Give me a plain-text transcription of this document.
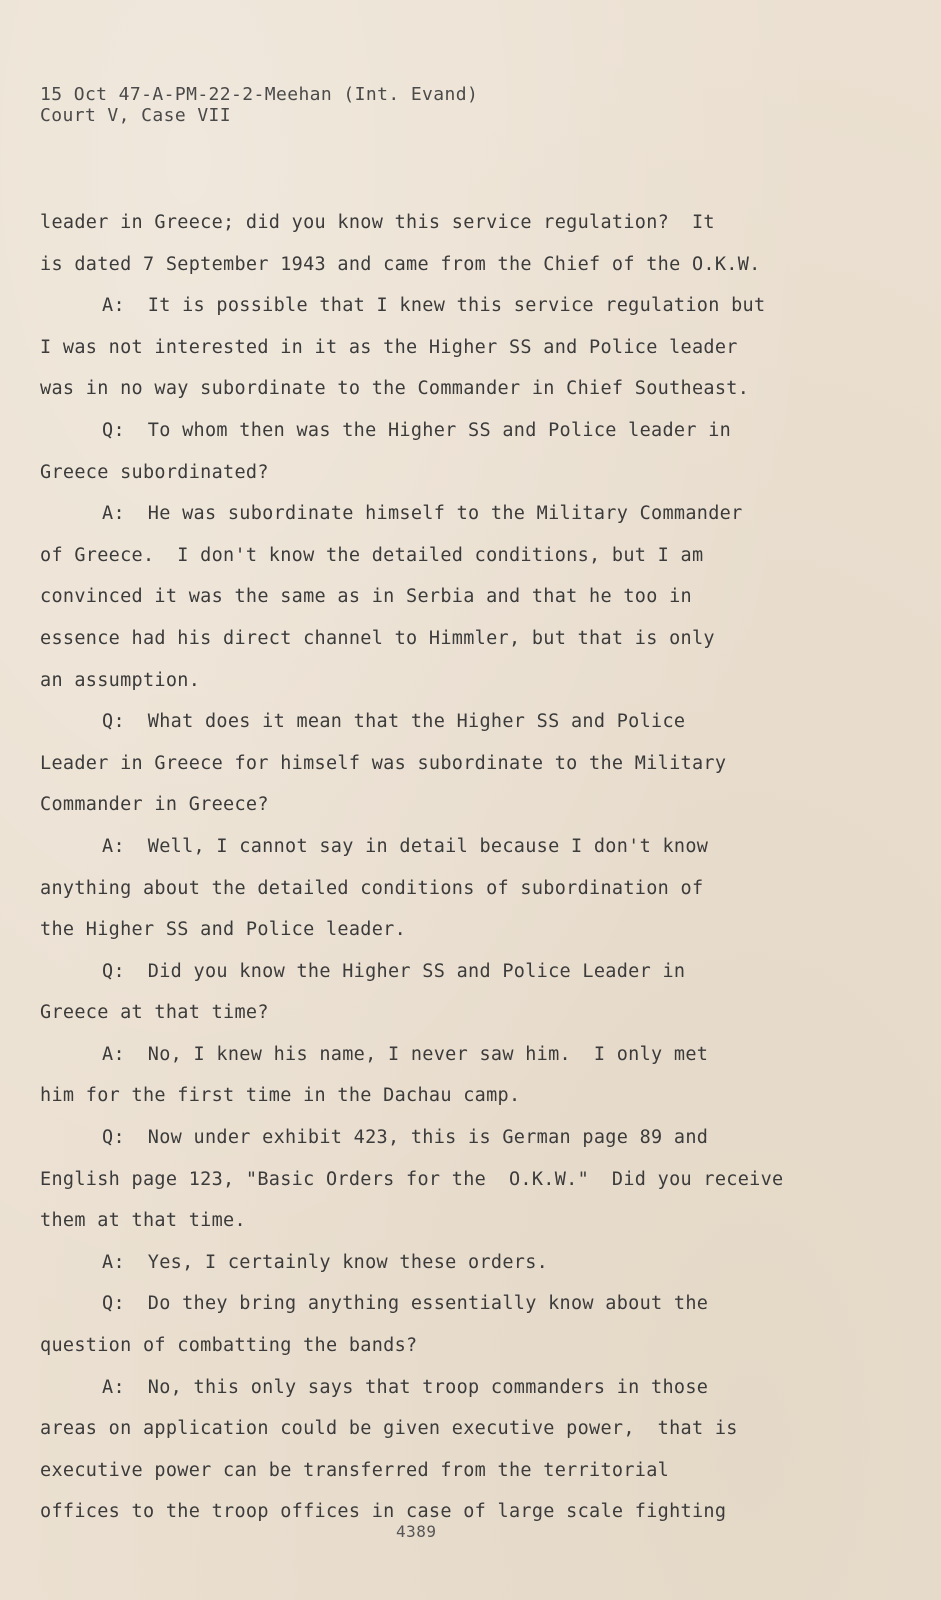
15 Oct 47-A-PM-22-2-Meehan (Int. Evand)
Court V, Case VII
leader in Greece; did you know this service regulation?  It
is dated 7 September 1943 and came from the Chief of the O.K.W.
A:  It is possible that I knew this service regulation but
I was not interested in it as the Higher SS and Police leader
was in no way subordinate to the Commander in Chief Southeast.
Q:  To whom then was the Higher SS and Police leader in
Greece subordinated?
A:  He was subordinate himself to the Military Commander
of Greece.  I don't know the detailed conditions, but I am
convinced it was the same as in Serbia and that he too in
essence had his direct channel to Himmler, but that is only
an assumption.
Q:  What does it mean that the Higher SS and Police
Leader in Greece for himself was subordinate to the Military
Commander in Greece?
A:  Well, I cannot say in detail because I don't know
anything about the detailed conditions of subordination of
the Higher SS and Police leader.
Q:  Did you know the Higher SS and Police Leader in
Greece at that time?
A:  No, I knew his name, I never saw him.  I only met
him for the first time in the Dachau camp.
Q:  Now under exhibit 423, this is German page 89 and
English page 123, "Basic Orders for the  O.K.W."  Did you receive
them at that time.
A:  Yes, I certainly know these orders.
Q:  Do they bring anything essentially know about the
question of combatting the bands?
A:  No, this only says that troop commanders in those
areas on application could be given executive power,  that is
executive power can be transferred from the territorial
offices to the troop offices in case of large scale fighting
4389
